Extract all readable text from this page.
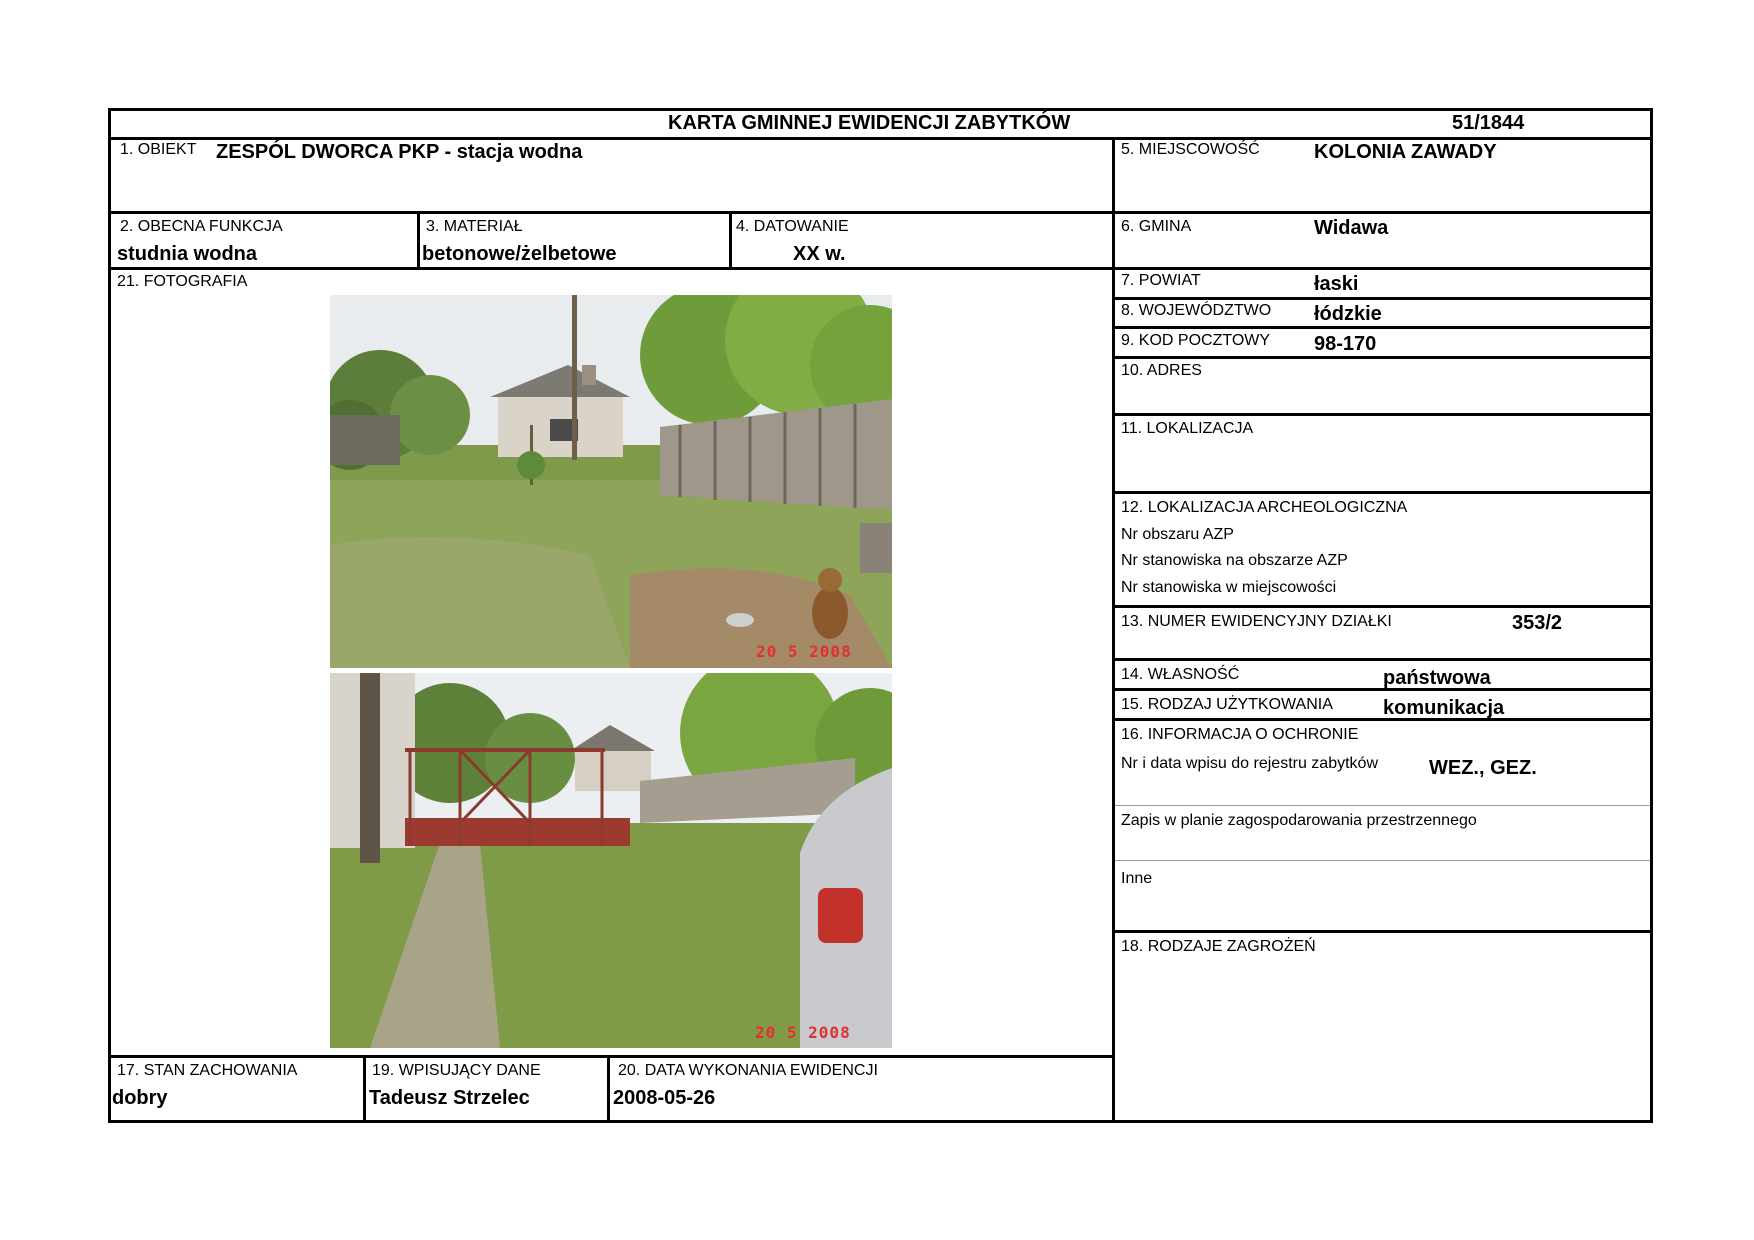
KARTA GMINNEJ EWIDENCJI ZABYTKÓW	51/1844
1. OBIEKT ZESPÓL DWORCA PKP - stacja wodna
2. OBECNA FUNKCJA
studnia wodna
3. MATERIAŁ
betonowe/żelbetowe
4. DATOWANIE
XX w.
21. FOTOGRAFIA
17. STAN ZACHOWANIA
dobry
19. WPISUJĄCY DANE
Tadeusz Strzelec
20. DATA WYKONANIA EWIDENCJI
2008-05-26
5. MIEJSCOWOŚĆ	KOLONIA ZAWADY
6. GMINA	Widawa
7. POWIAT	łaski
8. WOJEWÓDZTWO łódzkie
9. KOD POCZTOWY 98-170
10. ADRES
11. LOKALIZACJA
12. LOKALIZACJA ARCHEOLOGICZNA
Nr obszaru AZP
Nr stanowiska na obszarze AZP
Nr stanowiska w miejscowości
13. NUMER EWIDENCYJNY DZIAŁKI	353/2
14. WŁASNOŚĆ	państwowa
15. RODZAJ UŻYTKOWANIA	komunikacja
16. INFORMACJA O OCHRONIE
Nr i data wpisu do rejestru zabytków	WEZ., GEZ.
Zapis w planie zagospodarowania przestrzennego
Inne
18. RODZAJE ZAGROŻEŃ
20 5 2008
20 5 2008
